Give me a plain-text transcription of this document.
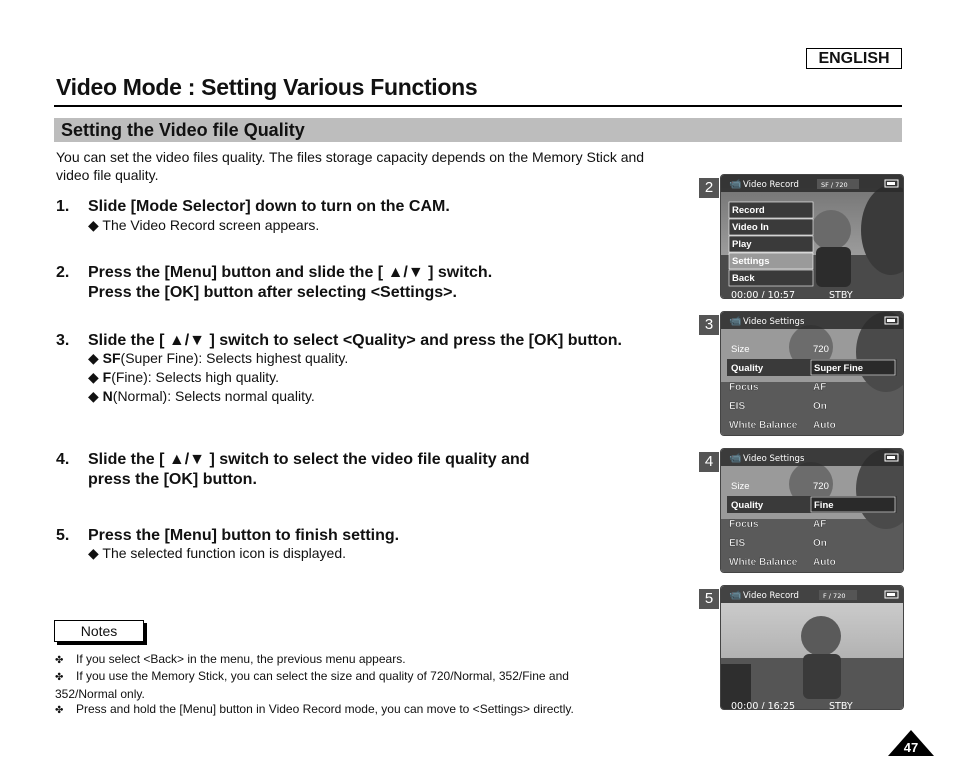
ENGLISH
Video Mode : Setting Various Functions
Setting the Video file Quality
You can set the video files quality. The files storage capacity depends on the Memory Stick and video file quality.
1. Slide [Mode Selector] down to turn on the CAM.
◆ The Video Record screen appears.
2. Press the [Menu] button and slide the [ ▲/▼ ] switch.
Press the [OK] button after selecting <Settings>.
3. Slide the [ ▲/▼ ] switch to select <Quality> and press the [OK] button.
◆ SF(Super Fine): Selects highest quality.
◆ F(Fine): Selects high quality.
◆ N(Normal): Selects normal quality.
4. Slide the [ ▲/▼ ] switch to select the video file quality and
press the [OK] button.
5. Press the [Menu] button to finish setting.
◆ The selected function icon is displayed.
Notes
✤ If you select <Back> in the menu, the previous menu appears.
✤ If you use the Memory Stick, you can select the size and quality of 720/Normal, 352/Fine and 352/Normal only.
✤ Press and hold the [Menu] button in Video Record mode, you can move to <Settings> directly.
2	📹 Video Record	SF / 720
Record
Video In
Play
Settings
Back
00:00 / 10:57	STBY
3	📹 Video Settings
Size	720
Quality	Super Fine
Focus	AF
EIS	On
White Balance Auto
4	📹 Video Settings
Size	720
Quality	Fine
Focus	AF
EIS	On
White Balance Auto
5	📹 Video Record	F / 720
00:00 / 16:25	STBY
47
